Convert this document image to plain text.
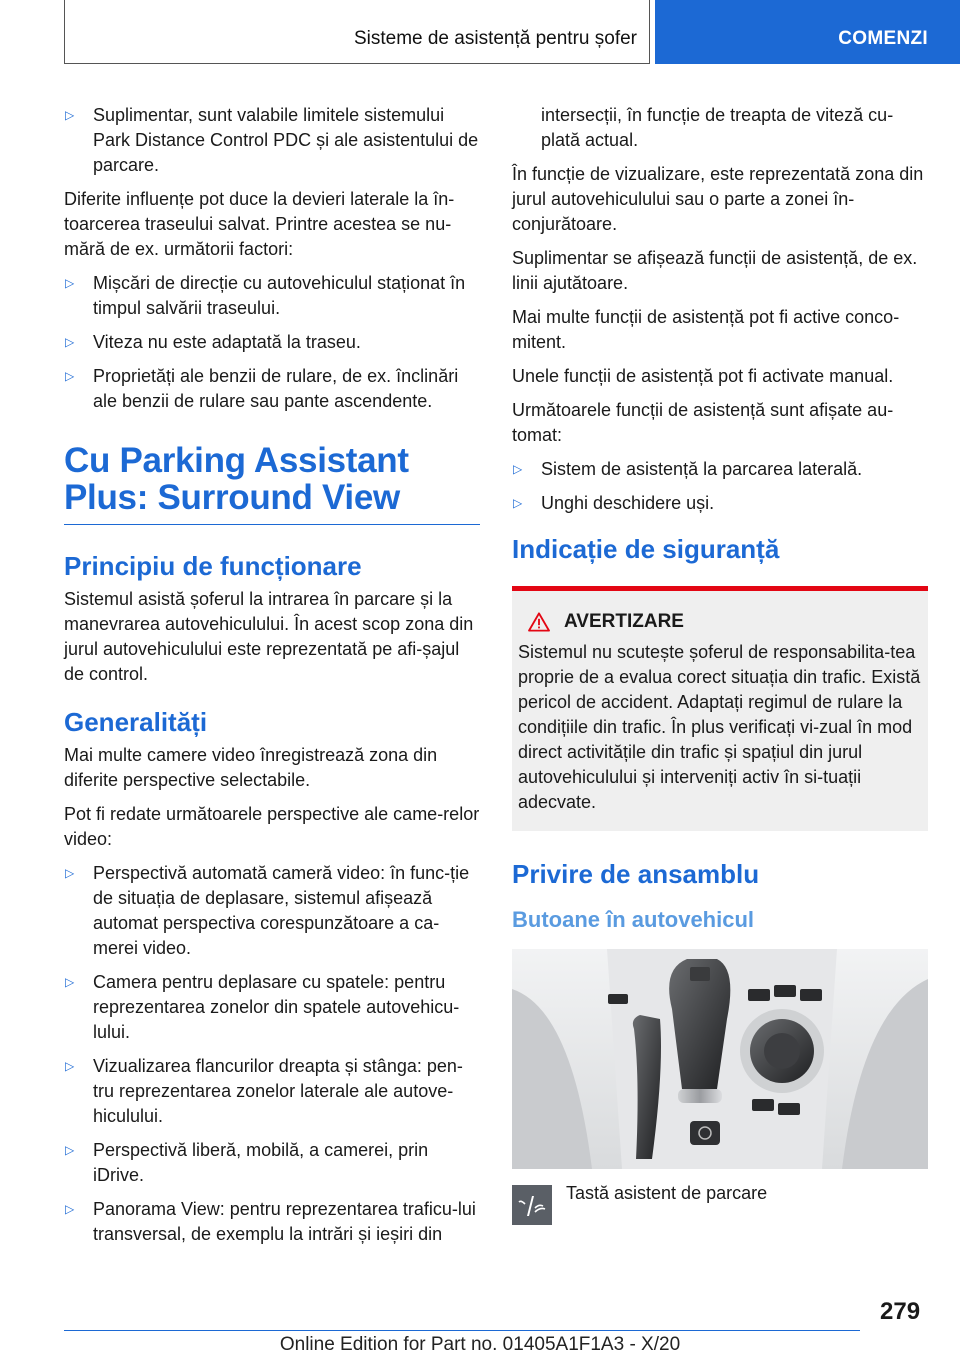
Sisteme de asistență pentru șofer	COMENZI
▷ Suplimentar, sunt valabile limitele sistemului Park Distance Control PDC și ale asistentului de parcare.

Diferite influențe pot duce la devieri laterale la în-toarcerea traseului salvat. Printre acestea se nu-mără de ex. următorii factori:

▷ Mișcări de direcție cu autovehiculul staționat în timpul salvării traseului.
▷ Viteza nu este adaptată la traseu.
▷ Proprietăți ale benzii de rulare, de ex. înclinări ale benzii de rulare sau pante ascendente.
Cu Parking Assistant Plus: Surround View
Principiu de funcționare

Sistemul asistă șoferul la intrarea în parcare și la manevrarea autovehiculului. În acest scop zona din jurul autovehiculului este reprezentată pe afi-șajul de control.

Generalități

Mai multe camere video înregistrează zona din diferite perspective selectabile.

Pot fi redate următoarele perspective ale came-relor video:

▷ Perspectivă automată cameră video: în func-ție de situația de deplasare, sistemul afișează automat perspectiva corespunzătoare a ca-merei video.
▷ Camera pentru deplasare cu spatele: pentru reprezentarea zonelor din spatele autovehicu-lului.
▷ Vizualizarea flancurilor dreapta și stânga: pen-tru reprezentarea zonelor laterale ale autove-hiculului.
▷ Perspectivă liberă, mobilă, a camerei, prin iDrive.
▷ Panorama View: pentru reprezentarea traficu-lui transversal, de exemplu la intrări și ieșiri din

intersecții, în funcție de treapta de viteză cu-plată actual.

În funcție de vizualizare, este reprezentată zona din jurul autovehiculului sau o parte a zonei în-conjurătoare.

Suplimentar se afișează funcții de asistență, de ex. linii ajutătoare.

Mai multe funcții de asistență pot fi active conco-mitent.

Unele funcții de asistență pot fi activate manual.

Următoarele funcții de asistență sunt afișate au-tomat:

▷ Sistem de asistență la parcarea laterală.
▷ Unghi deschidere uși.
Indicație de siguranță
AVERTIZARE

Sistemul nu scutește șoferul de responsabilita-tea proprie de a evalua corect situația din trafic. Există pericol de accident. Adaptați regimul de rulare la condițiile din trafic. În plus verificați vi-zual în mod direct activitățile din trafic și spațiul din jurul autovehiculului și interveniți activ în si-tuații adecvate.

Privire de ansamblu
Butoane în autovehicul
Tastă asistent de parcare
279
Online Edition for Part no. 01405A1F1A3 - X/20
